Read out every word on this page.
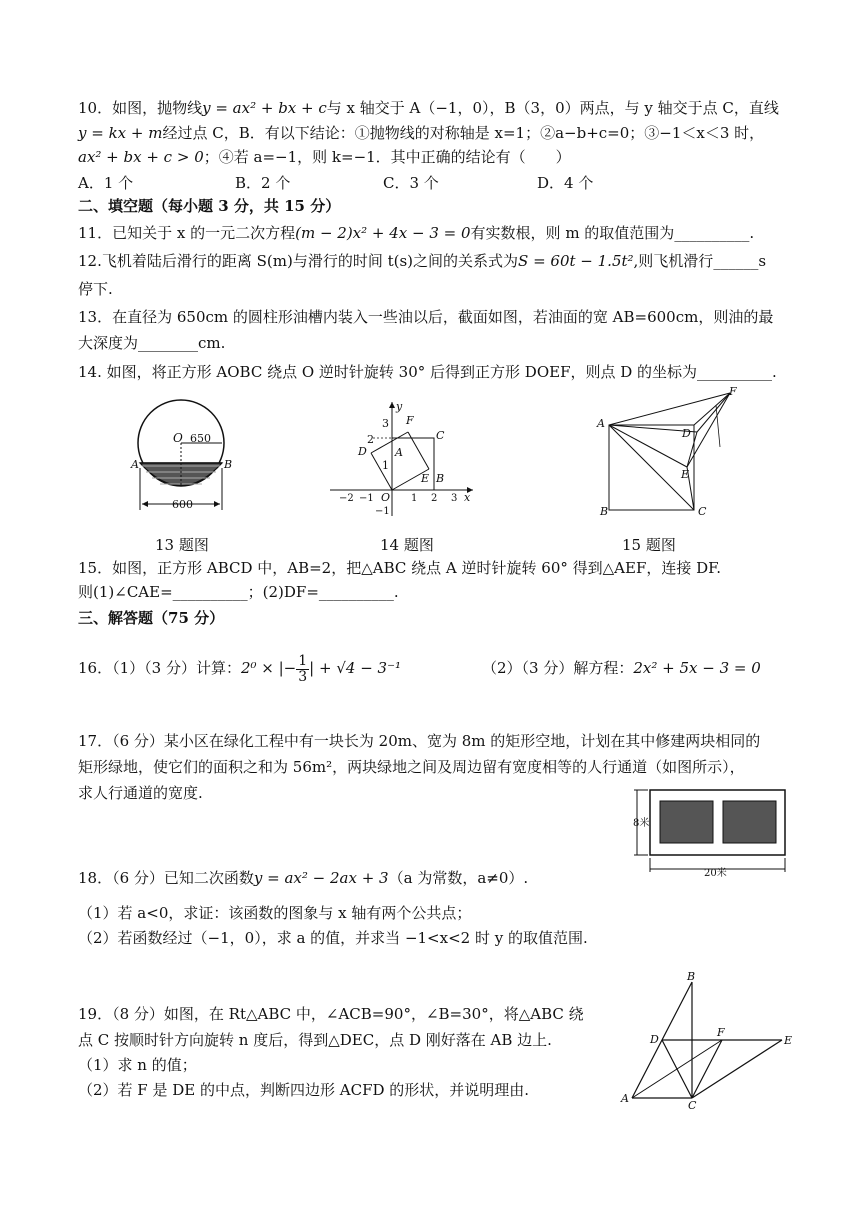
10．如图，抛物线y = ax² + bx + c与 x 轴交于 A（−1，0），B（3，0）两点，与 y 轴交于点 C，直线
y = kx + m经过点 C，B．有以下结论：①抛物线的对称轴是 x=1；②a−b+c=0；③−1＜x＜3 时，
ax² + bx + c > 0；④若 a=−1，则 k=−1．其中正确的结论有（　　）
A．1 个	B．2 个	C．3 个	D．4 个
二、填空题（每小题 3 分，共 15 分）
11．已知关于 x 的一元二次方程(m − 2)x² + 4x − 3 = 0有实数根，则 m 的取值范围为__________.
12.飞机着陆后滑行的距离 S(m)与滑行的时间 t(s)之间的关系式为S = 60t − 1.5t²,则飞机滑行______s
停下.
13．在直径为 650cm 的圆柱形油槽内装入一些油以后，截面如图，若油面的宽 AB=600cm，则油的最
大深度为________cm.
14. 如图，将正方形 AOBC 绕点 O 逆时针旋转 30° 后得到正方形 DOEF，则点 D 的坐标为__________.
O 650
A	B
600
13 题图
y
3 F
2	C
D	A
1
E B
−2 −1 O 1 2 3 x
−1
14 题图
A
F
D
E
B	C
15 题图
15．如图，正方形 ABCD 中，AB=2，把△ABC 绕点 A 逆时针旋转 60° 得到△AEF，连接 DF.
则(1)∠CAE=__________；(2)DF=__________.
三、解答题（75 分）
16．（1）（3 分）计算：2⁰ × |− $\frac{1}{3}$ | + √4 − 3⁻¹	（2）（3 分）解方程：2x² + 5x − 3 = 0
17．（6 分）某小区在绿化工程中有一块长为 20m、宽为 8m 的矩形空地，计划在其中修建两块相同的
矩形绿地，使它们的面积之和为 56m²，两块绿地之间及周边留有宽度相等的人行通道（如图所示），
求人行通道的宽度.
8米
20米
18．（6 分）已知二次函数y = ax² − 2ax + 3（a 为常数，a≠0）.
（1）若 a<0，求证：该函数的图象与 x 轴有两个公共点；
（2）若函数经过（−1，0），求 a 的值，并求当 −1<x<2 时 y 的取值范围.
19．（8 分）如图，在 Rt△ABC 中，∠ACB=90°，∠B=30°，将△ABC 绕
点 C 按顺时针方向旋转 n 度后，得到△DEC，点 D 刚好落在 AB 边上.
（1）求 n 的值；
（2）若 F 是 DE 的中点，判断四边形 ACFD 的形状，并说明理由.
B
D
F
E
A
C
